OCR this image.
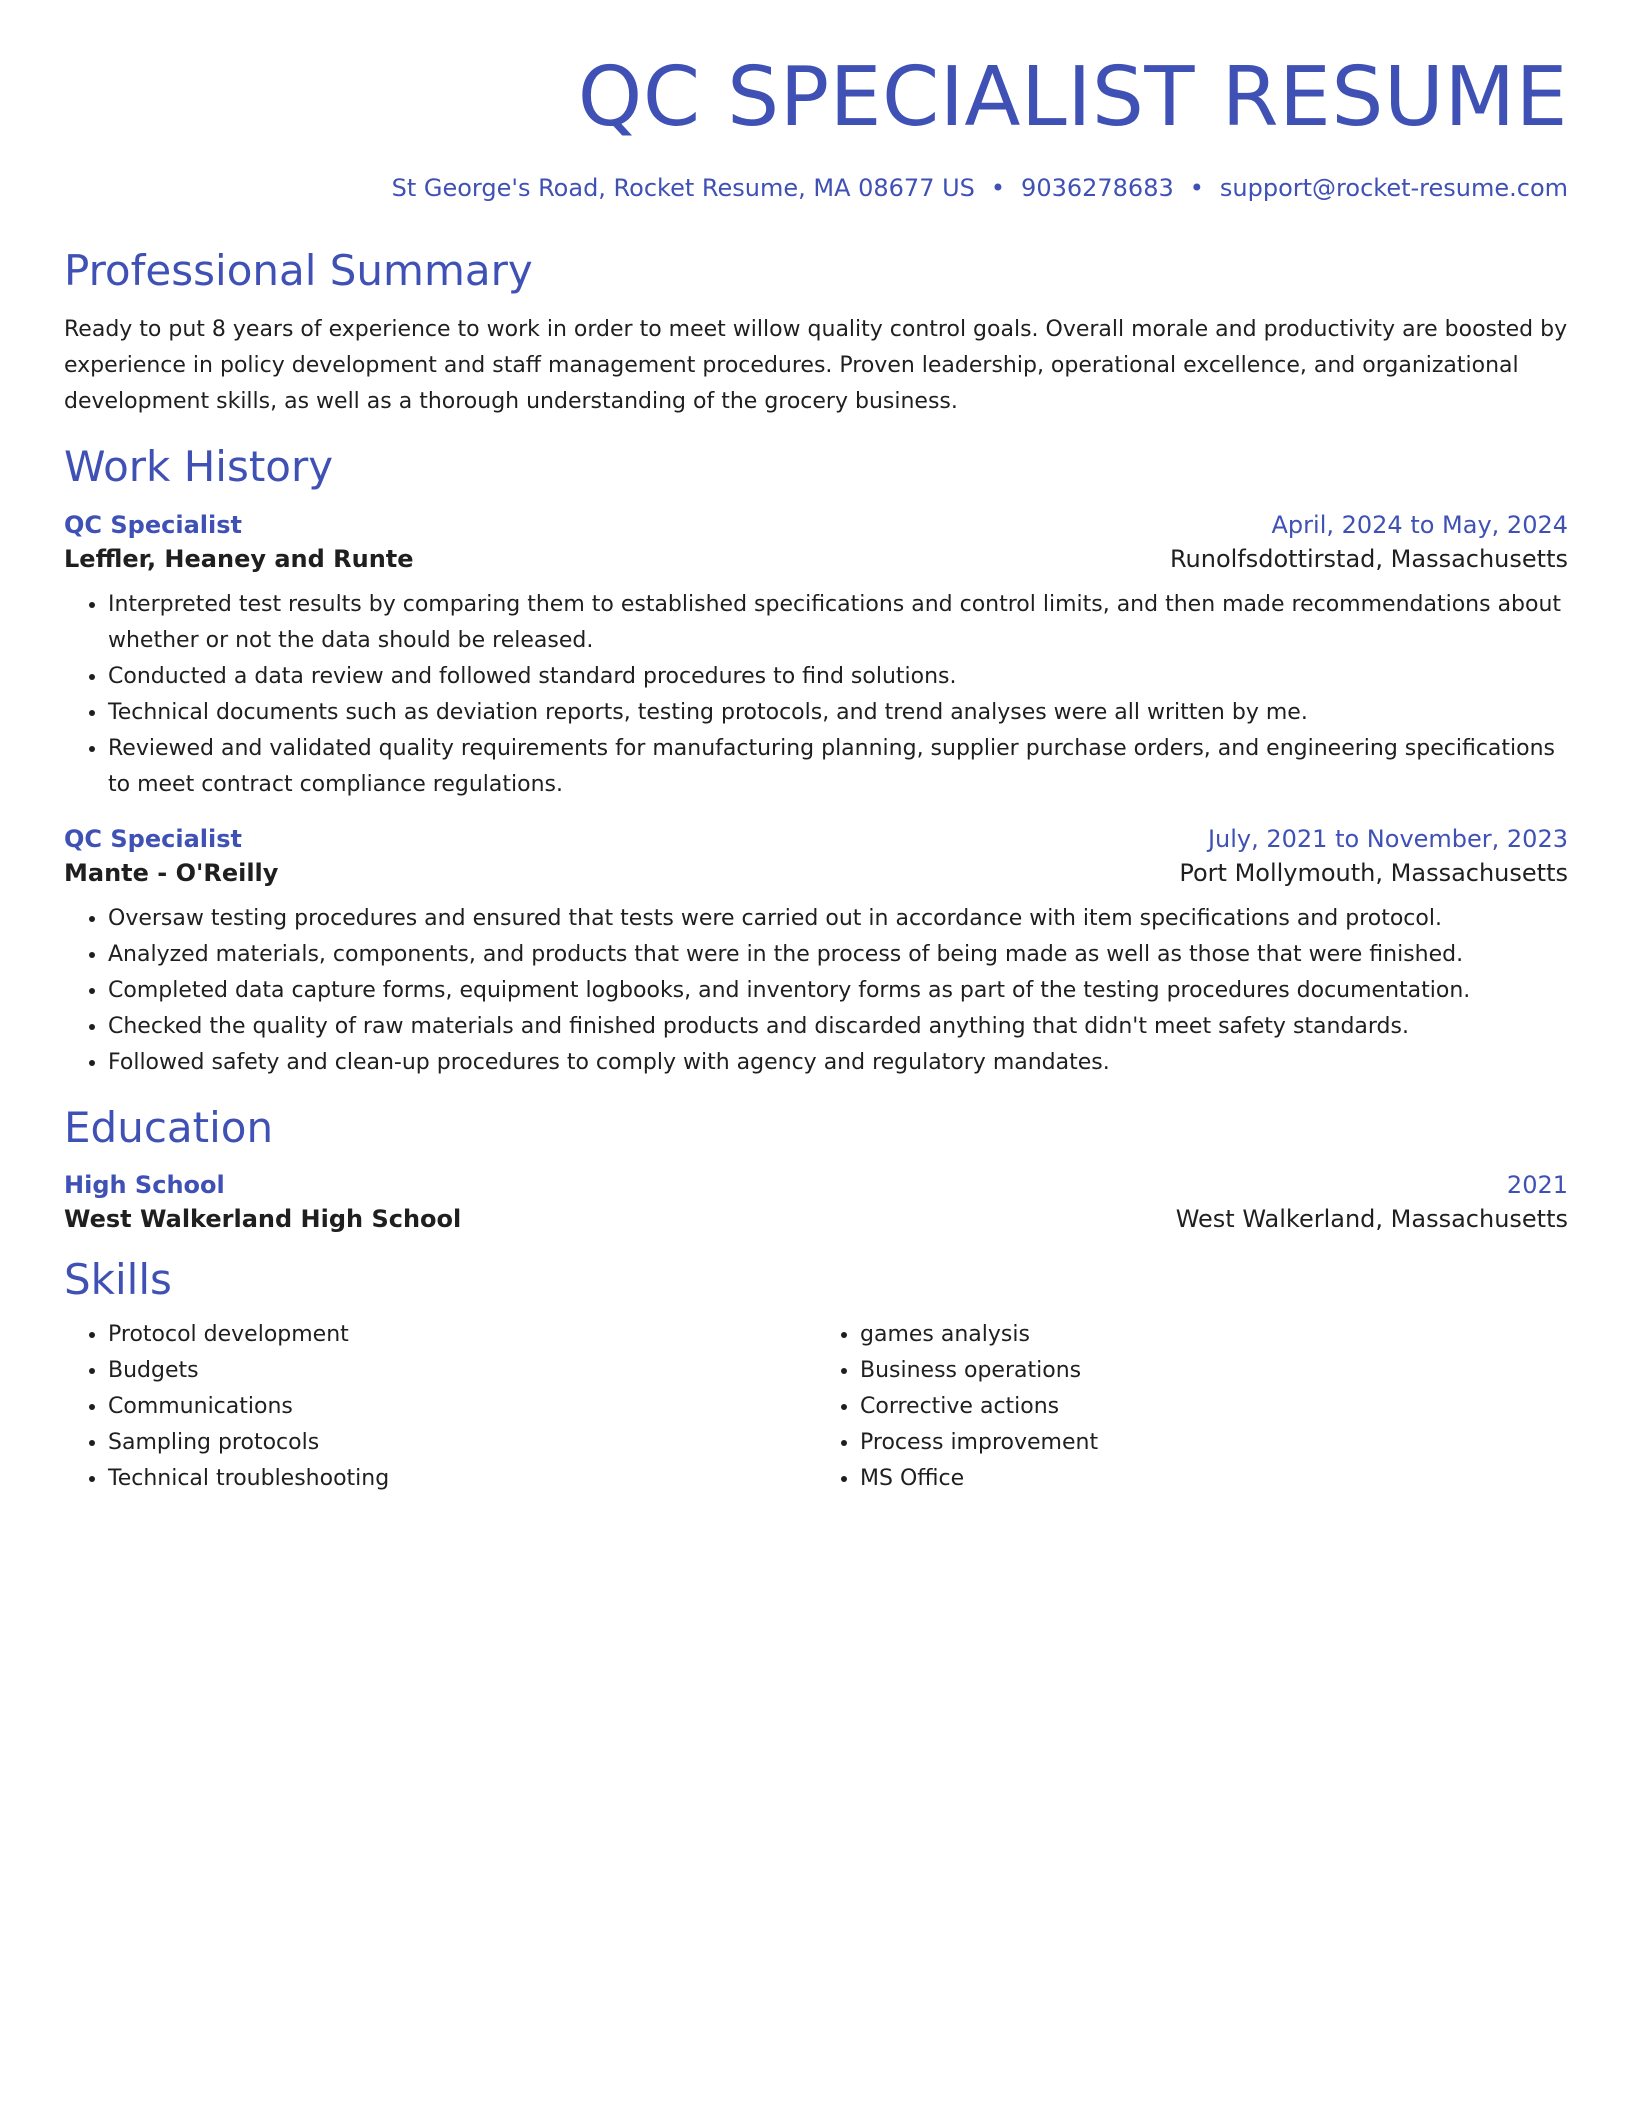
QC SPECIALIST RESUME
St George's Road, Rocket Resume, MA 08677 US • 9036278683 • support@rocket-resume.com
Professional Summary

Ready to put 8 years of experience to work in order to meet willow quality control goals. Overall morale and productivity are boosted by experience in policy development and staff management procedures. Proven leadership, operational excellence, and organizational development skills, as well as a thorough understanding of the grocery business.

Work History
QC Specialist	April, 2024 to May, 2024
Leffler, Heaney and Runte	Runolfsdottirstad, Massachusetts
• Interpreted test results by comparing them to established specifications and control limits, and then made recommendations about whether or not the data should be released.
• Conducted a data review and followed standard procedures to find solutions.
• Technical documents such as deviation reports, testing protocols, and trend analyses were all written by me.
• Reviewed and validated quality requirements for manufacturing planning, supplier purchase orders, and engineering specifications to meet contract compliance regulations.
QC Specialist	July, 2021 to November, 2023
Mante - O'Reilly	Port Mollymouth, Massachusetts
• Oversaw testing procedures and ensured that tests were carried out in accordance with item specifications and protocol.
• Analyzed materials, components, and products that were in the process of being made as well as those that were finished.
• Completed data capture forms, equipment logbooks, and inventory forms as part of the testing procedures documentation.
• Checked the quality of raw materials and finished products and discarded anything that didn't meet safety standards.
• Followed safety and clean-up procedures to comply with agency and regulatory mandates.
Education
High School	2021
West Walkerland High School	West Walkerland, Massachusetts
Skills
• Protocol development
• Budgets
• Communications
• Sampling protocols
• Technical troubleshooting
• games analysis
• Business operations
• Corrective actions
• Process improvement
• MS Office
